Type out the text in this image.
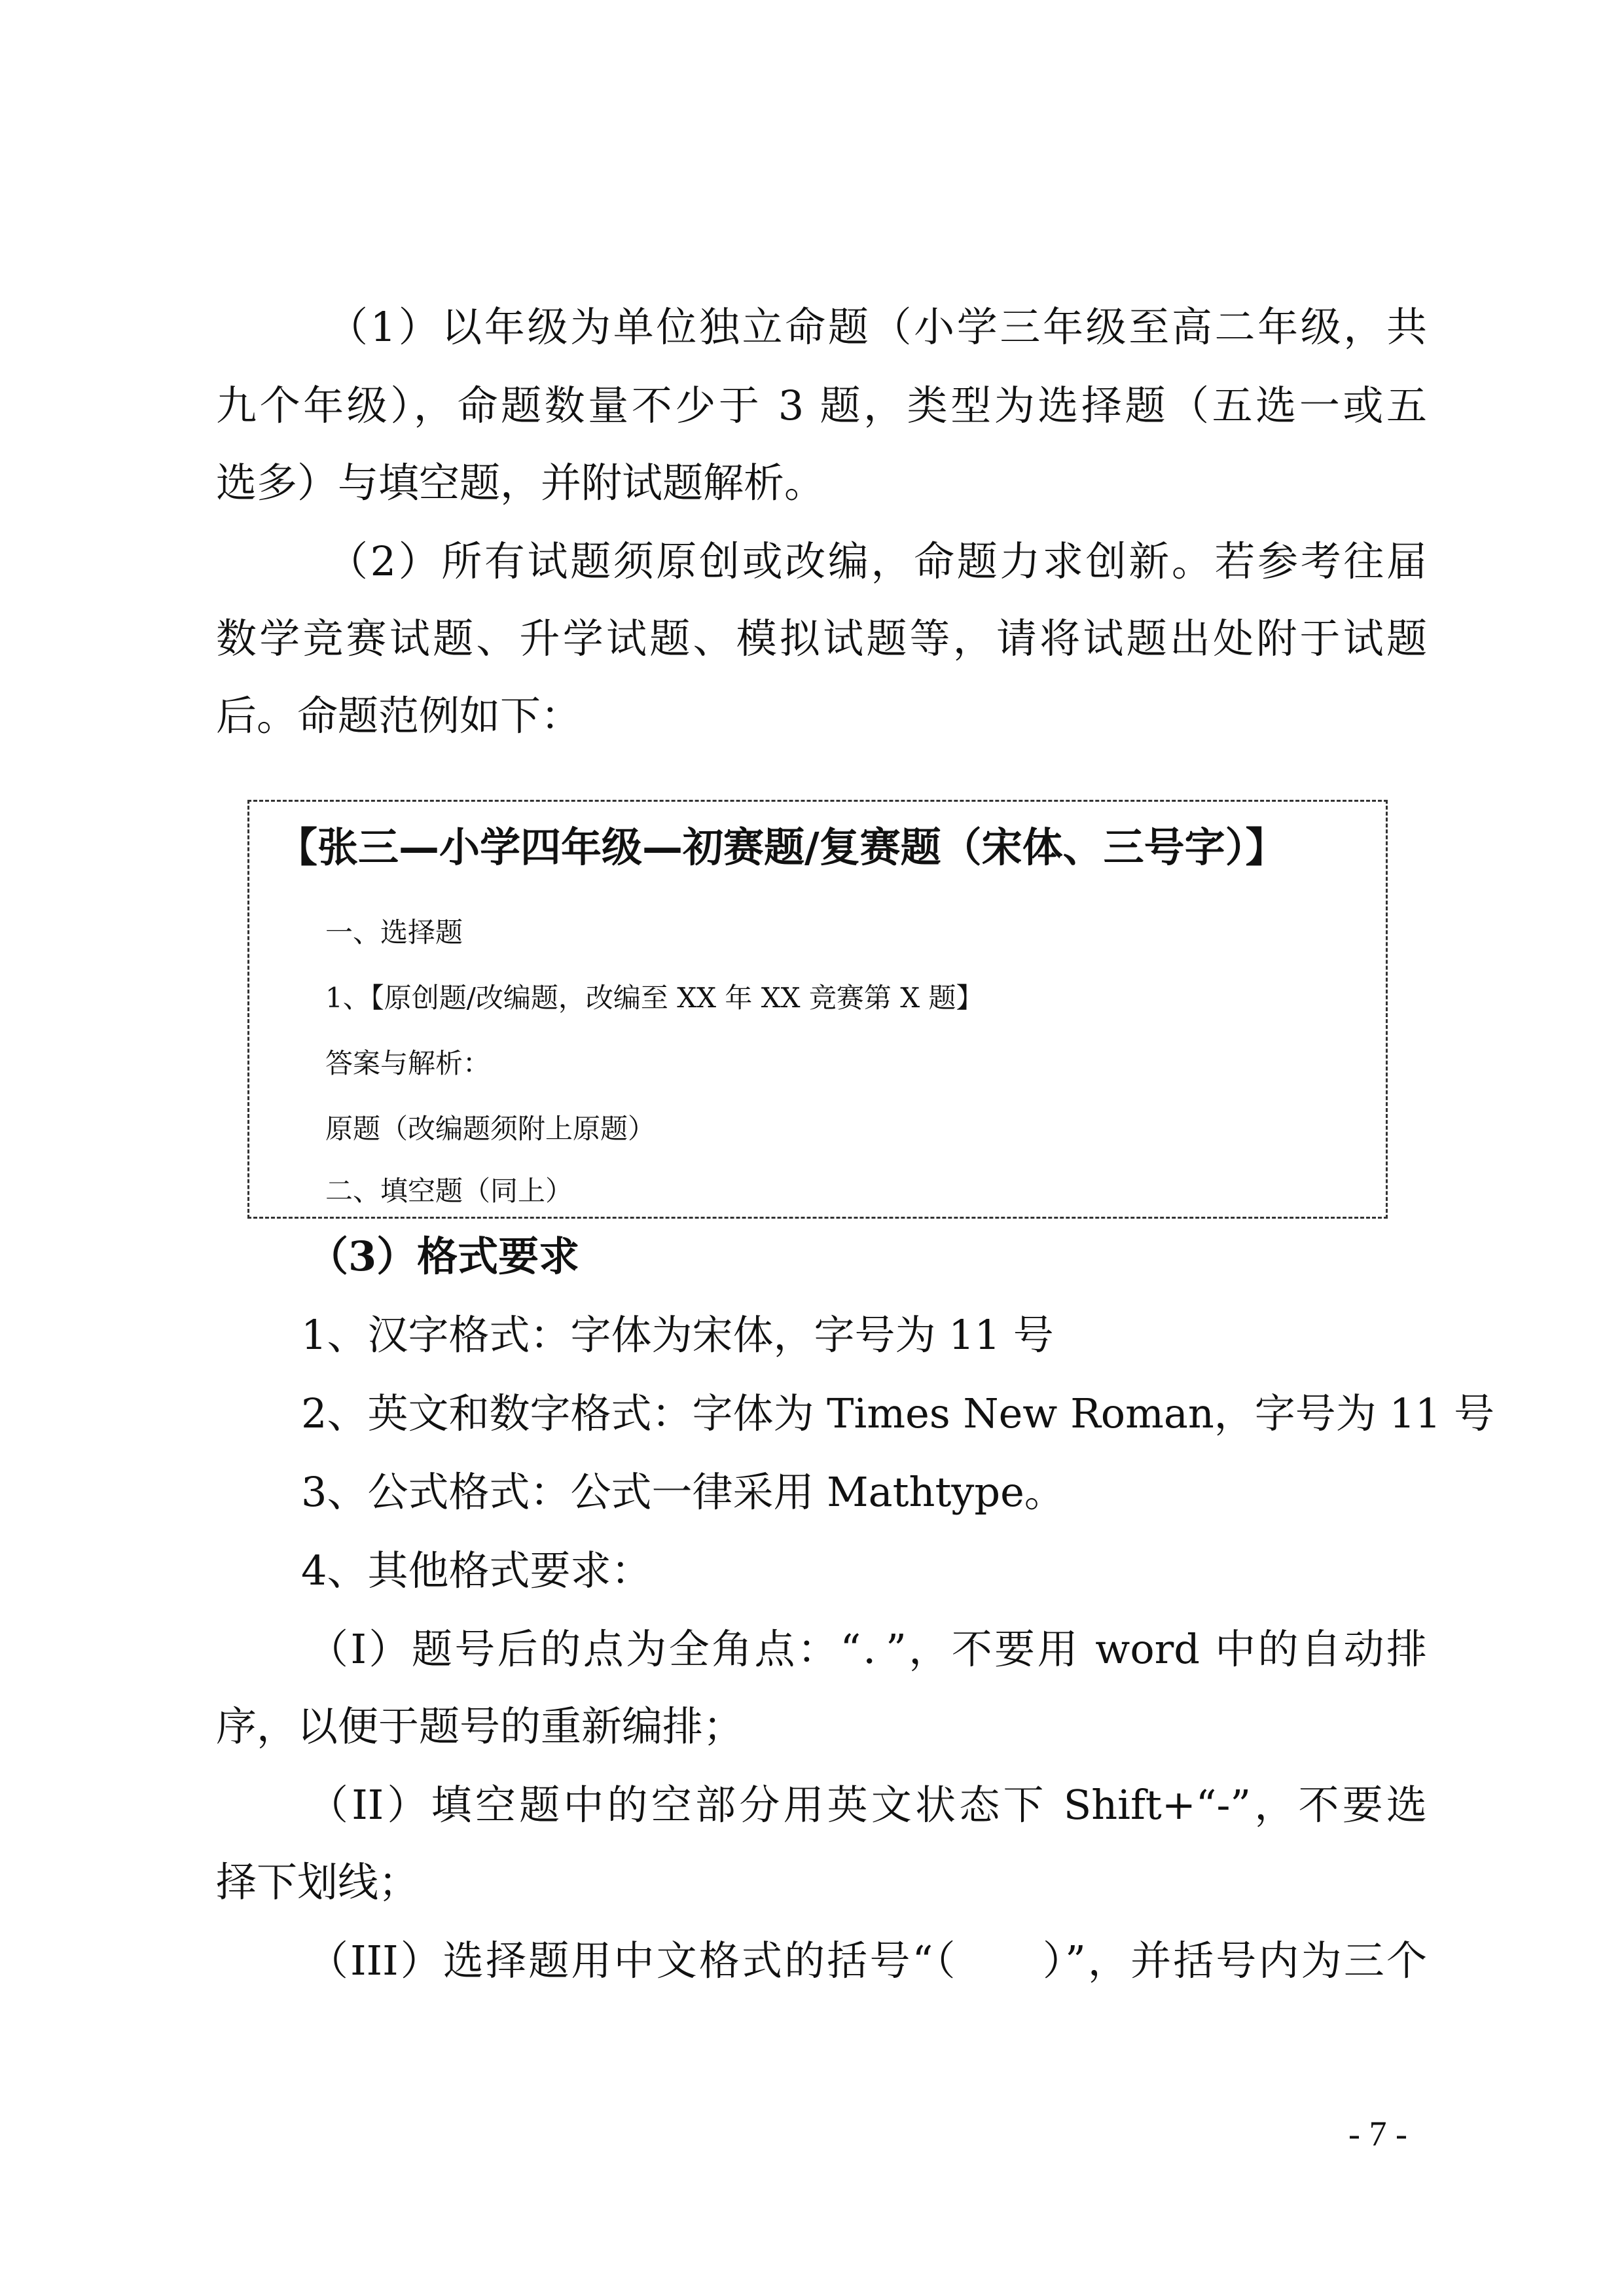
（1）以年级为单位独立命题（小学三年级至高二年级，共
九个年级），命题数量不少于 3 题，类型为选择题（五选一或五
选多）与填空题，并附试题解析。
（2）所有试题须原创或改编，命题力求创新。若参考往届
数学竞赛试题、升学试题、模拟试题等，请将试题出处附于试题
后。命题范例如下：
【张三—小学四年级—初赛题/复赛题（宋体、三号字）】
一、选择题
1、【原创题/改编题，改编至 XX 年 XX 竞赛第 X 题】
答案与解析：
原题（改编题须附上原题）
二、填空题（同上）
（3）格式要求
1、汉字格式：字体为宋体，字号为 11 号
2、英文和数字格式：字体为 Times New Roman，字号为 11 号
3、公式格式：公式一律采用 Mathtype。
4、其他格式要求：
（I）题号后的点为全角点：“．”，不要用 word 中的自动排
序，以便于题号的重新编排；
（II）填空题中的空部分用英文状态下 Shift+“-”，不要选
择下划线；
（III）选择题用中文格式的括号“（　　）”，并括号内为三个
- 7 -
